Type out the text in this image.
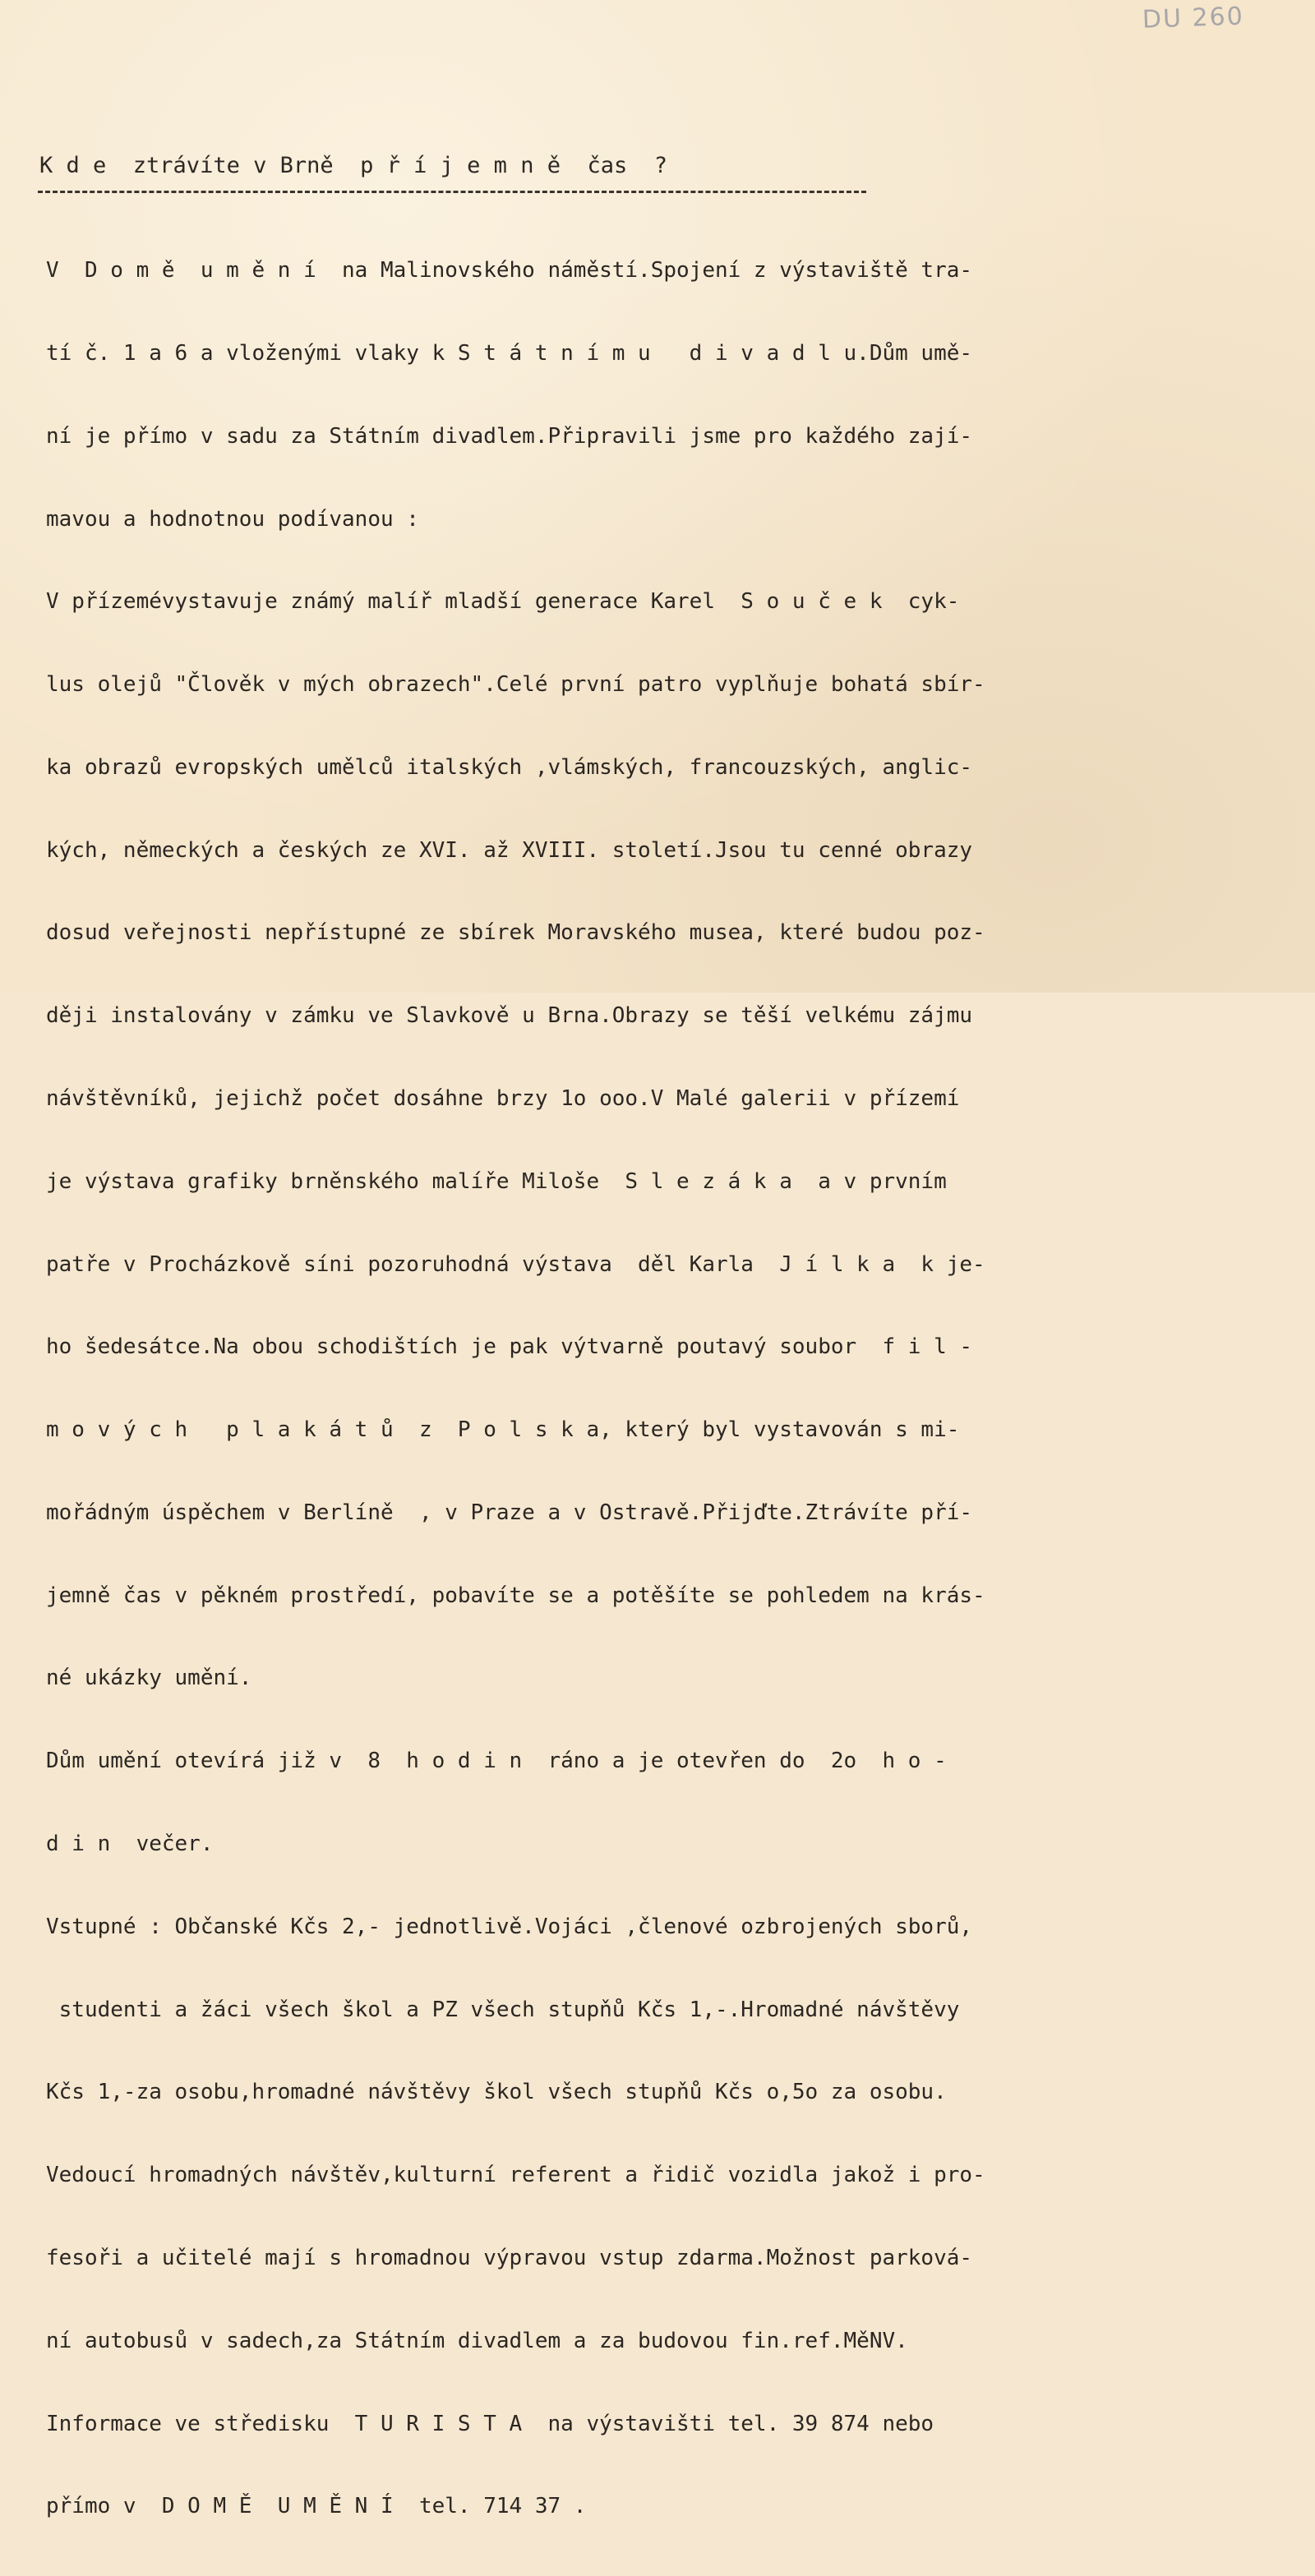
DU 260
K d e  ztrávíte v Brně  p ř í j e m n ě  čas  ?

V  D o m ě  u m ě n í  na Malinovského náměstí.Spojení z výstaviště tra-

tí č. 1 a 6 a vloženými vlaky k S t á t n í m u   d i v a d l u.Dům umě-

ní je přímo v sadu za Státním divadlem.Připravili jsme pro každého zají-

mavou a hodnotnou podívanou :

V přízemévystavuje známý malíř mladší generace Karel  S o u č e k  cyk-

lus olejů "Člověk v mých obrazech".Celé první patro vyplňuje bohatá sbír-

ka obrazů evropských umělců italských ,vlámských, francouzských, anglic-

kých, německých a českých ze XVI. až XVIII. století.Jsou tu cenné obrazy

dosud veřejnosti nepřístupné ze sbírek Moravského musea, které budou poz-

ději instalovány v zámku ve Slavkově u Brna.Obrazy se těší velkému zájmu

návštěvníků, jejichž počet dosáhne brzy 1o ooo.V Malé galerii v přízemí

je výstava grafiky brněnského malíře Miloše  S l e z á k a  a v prvním

patře v Procházkově síni pozoruhodná výstava  děl Karla  J í l k a  k je-

ho šedesátce.Na obou schodištích je pak výtvarně poutavý soubor  f i l -

m o v ý c h   p l a k á t ů  z  P o l s k a, který byl vystavován s mi-

mořádným úspěchem v Berlíně  , v Praze a v Ostravě.Přijďte.Ztrávíte pří-

jemně čas v pěkném prostředí, pobavíte se a potěšíte se pohledem na krás-

né ukázky umění.

Dům umění otevírá již v  8  h o d i n  ráno a je otevřen do  2o  h o -

d i n  večer.

Vstupné : Občanské Kčs 2,- jednotlivě.Vojáci ,členové ozbrojených sborů,

studenti a žáci všech škol a PZ všech stupňů Kčs 1,-.Hromadné návštěvy

Kčs 1,-za osobu,hromadné návštěvy škol všech stupňů Kčs o,5o za osobu.

Vedoucí hromadných návštěv,kulturní referent a řidič vozidla jakož i pro-

fesoři a učitelé mají s hromadnou výpravou vstup zdarma.Možnost parková-

ní autobusů v sadech,za Státním divadlem a za budovou fin.ref.MěNV.

Informace ve středisku  T U R I S T A  na výstavišti tel. 39 874 nebo

přímo v  D O M Ě  U M Ě N Í  tel. 714 37 .
